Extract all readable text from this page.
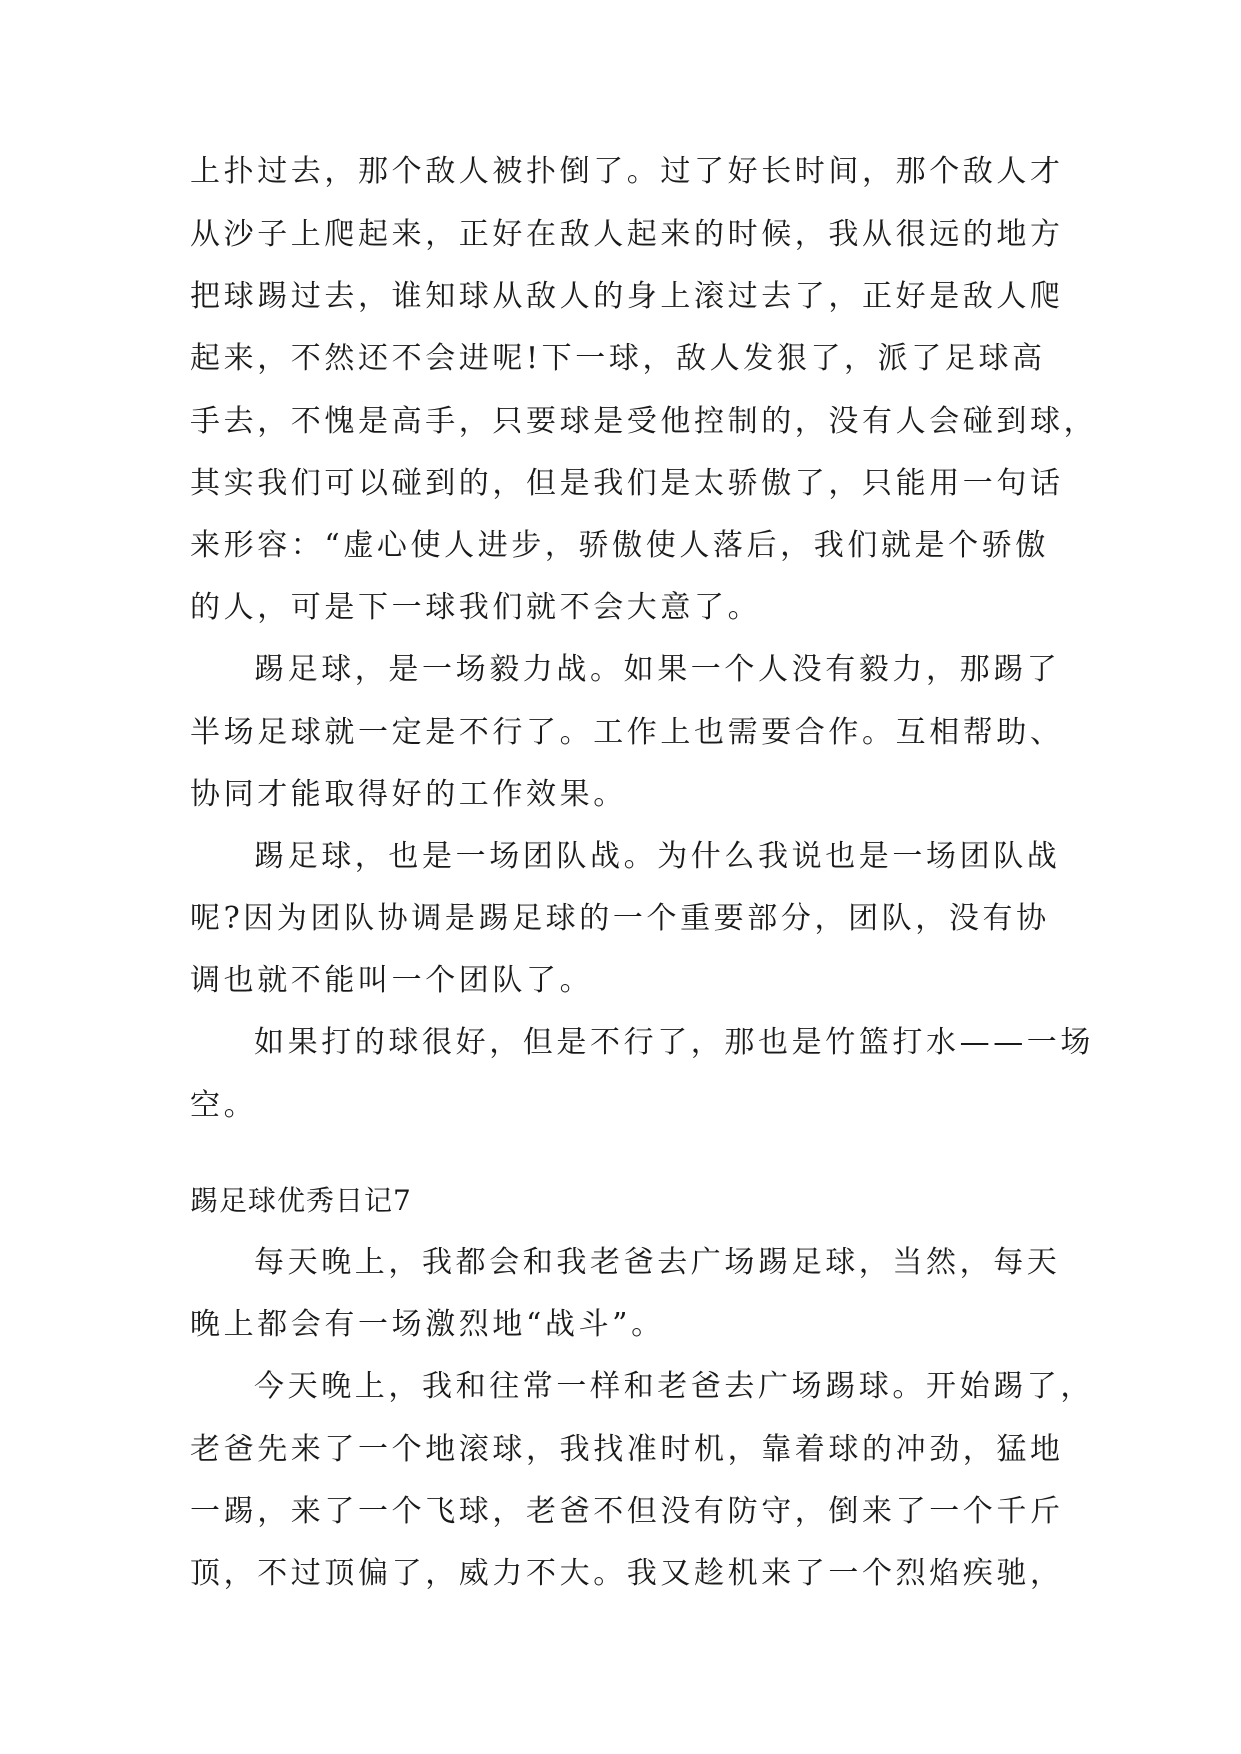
上扑过去，那个敌人被扑倒了。过了好长时间，那个敌人才
从沙子上爬起来，正好在敌人起来的时候，我从很远的地方
把球踢过去，谁知球从敌人的身上滚过去了，正好是敌人爬
起来，不然还不会进呢!下一球，敌人发狠了，派了足球高
手去，不愧是高手，只要球是受他控制的，没有人会碰到球，
其实我们可以碰到的，但是我们是太骄傲了，只能用一句话
来形容：“虚心使人进步，骄傲使人落后，我们就是个骄傲
的人，可是下一球我们就不会大意了。
踢足球，是一场毅力战。如果一个人没有毅力，那踢了
半场足球就一定是不行了。工作上也需要合作。互相帮助、
协同才能取得好的工作效果。
踢足球，也是一场团队战。为什么我说也是一场团队战
呢?因为团队协调是踢足球的一个重要部分，团队，没有协
调也就不能叫一个团队了。
如果打的球很好，但是不行了，那也是竹篮打水——一场
空。
踢足球优秀日记7
每天晚上，我都会和我老爸去广场踢足球，当然，每天
晚上都会有一场激烈地“战斗”。
今天晚上，我和往常一样和老爸去广场踢球。开始踢了，
老爸先来了一个地滚球，我找准时机，靠着球的冲劲，猛地
一踢，来了一个飞球，老爸不但没有防守，倒来了一个千斤
顶，不过顶偏了，威力不大。我又趁机来了一个烈焰疾驰，
